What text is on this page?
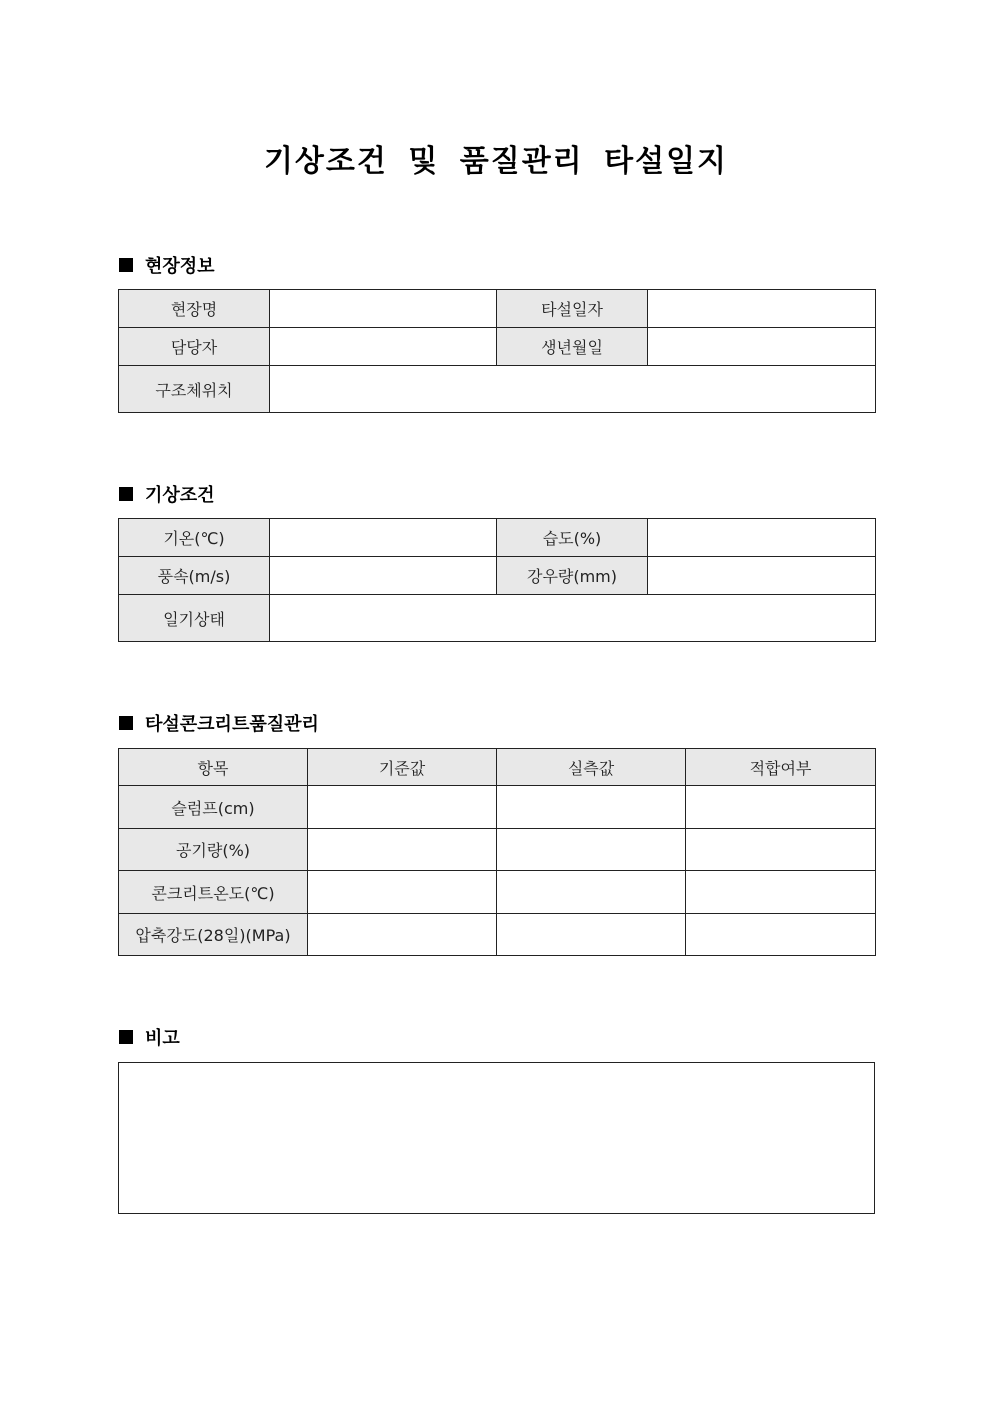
기상조건 및 품질관리 타설일지
현장정보
현장명		타설일자	
담당자		생년월일	
구조체위치			
기상조건
기온(℃)		습도(%)	
풍속(m/s)		강우량(mm)	
일기상태			
타설콘크리트품질관리
항목	기준값	실측값	적합여부
슬럼프(cm)			
공기량(%)			
콘크리트온도(℃)			
압축강도(28일)(MPa)			
비고
